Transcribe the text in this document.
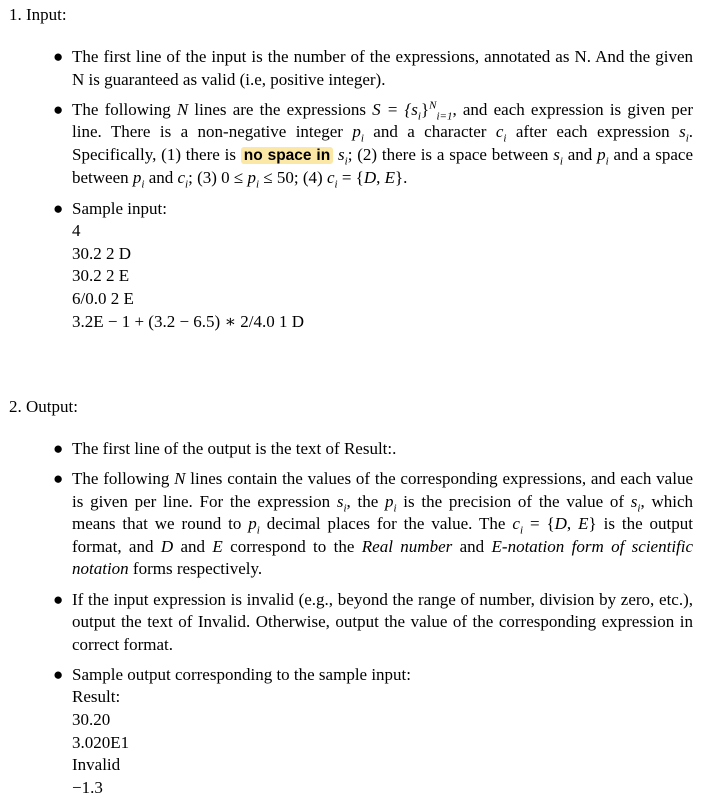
1. Input:
● The first line of the input is the number of the expressions, annotated as N. And the given N is guaranteed as valid (i.e, positive integer).
● The following N lines are the expressions $S = \{s_i\}^N_{i=1}$, and each expression is given per line. There is a non-negative integer $p_i$ and a character $c_i$ after each expression $s_i$. Specifically, (1) there is no space in $s_i$; (2) there is a space between $s_i$ and $p_i$ and a space between $p_i$ and $c_i$; (3) $0 \le p_i \le 50$; (4) $c_i = \{D$, E}.
● Sample input:
4
30.2 2 D
30.2 2 E
6/0.0 2 E
3.2E − 1 + (3.2 − 6.5) ∗ 2/4.0 1 D
2. Output:
● The first line of the output is the text of Result:.
● The following N lines contain the values of the corresponding expressions, and each value is given per line. For the expression $s_i$, the $p_i$ is the precision of the value of $s_i$, which means that we round to $p_i$ decimal places for the value. The $c_i = \{D$, E} is the output format, and D and E correspond to the Real number and E-notation form of scientific notation forms respectively.
● If the input expression is invalid (e.g., beyond the range of number, division by zero, etc.), output the text of Invalid. Otherwise, output the value of the corresponding expression in correct format.
● Sample output corresponding to the sample input:
Result:
30.20
3.020E1
Invalid
−1.3
